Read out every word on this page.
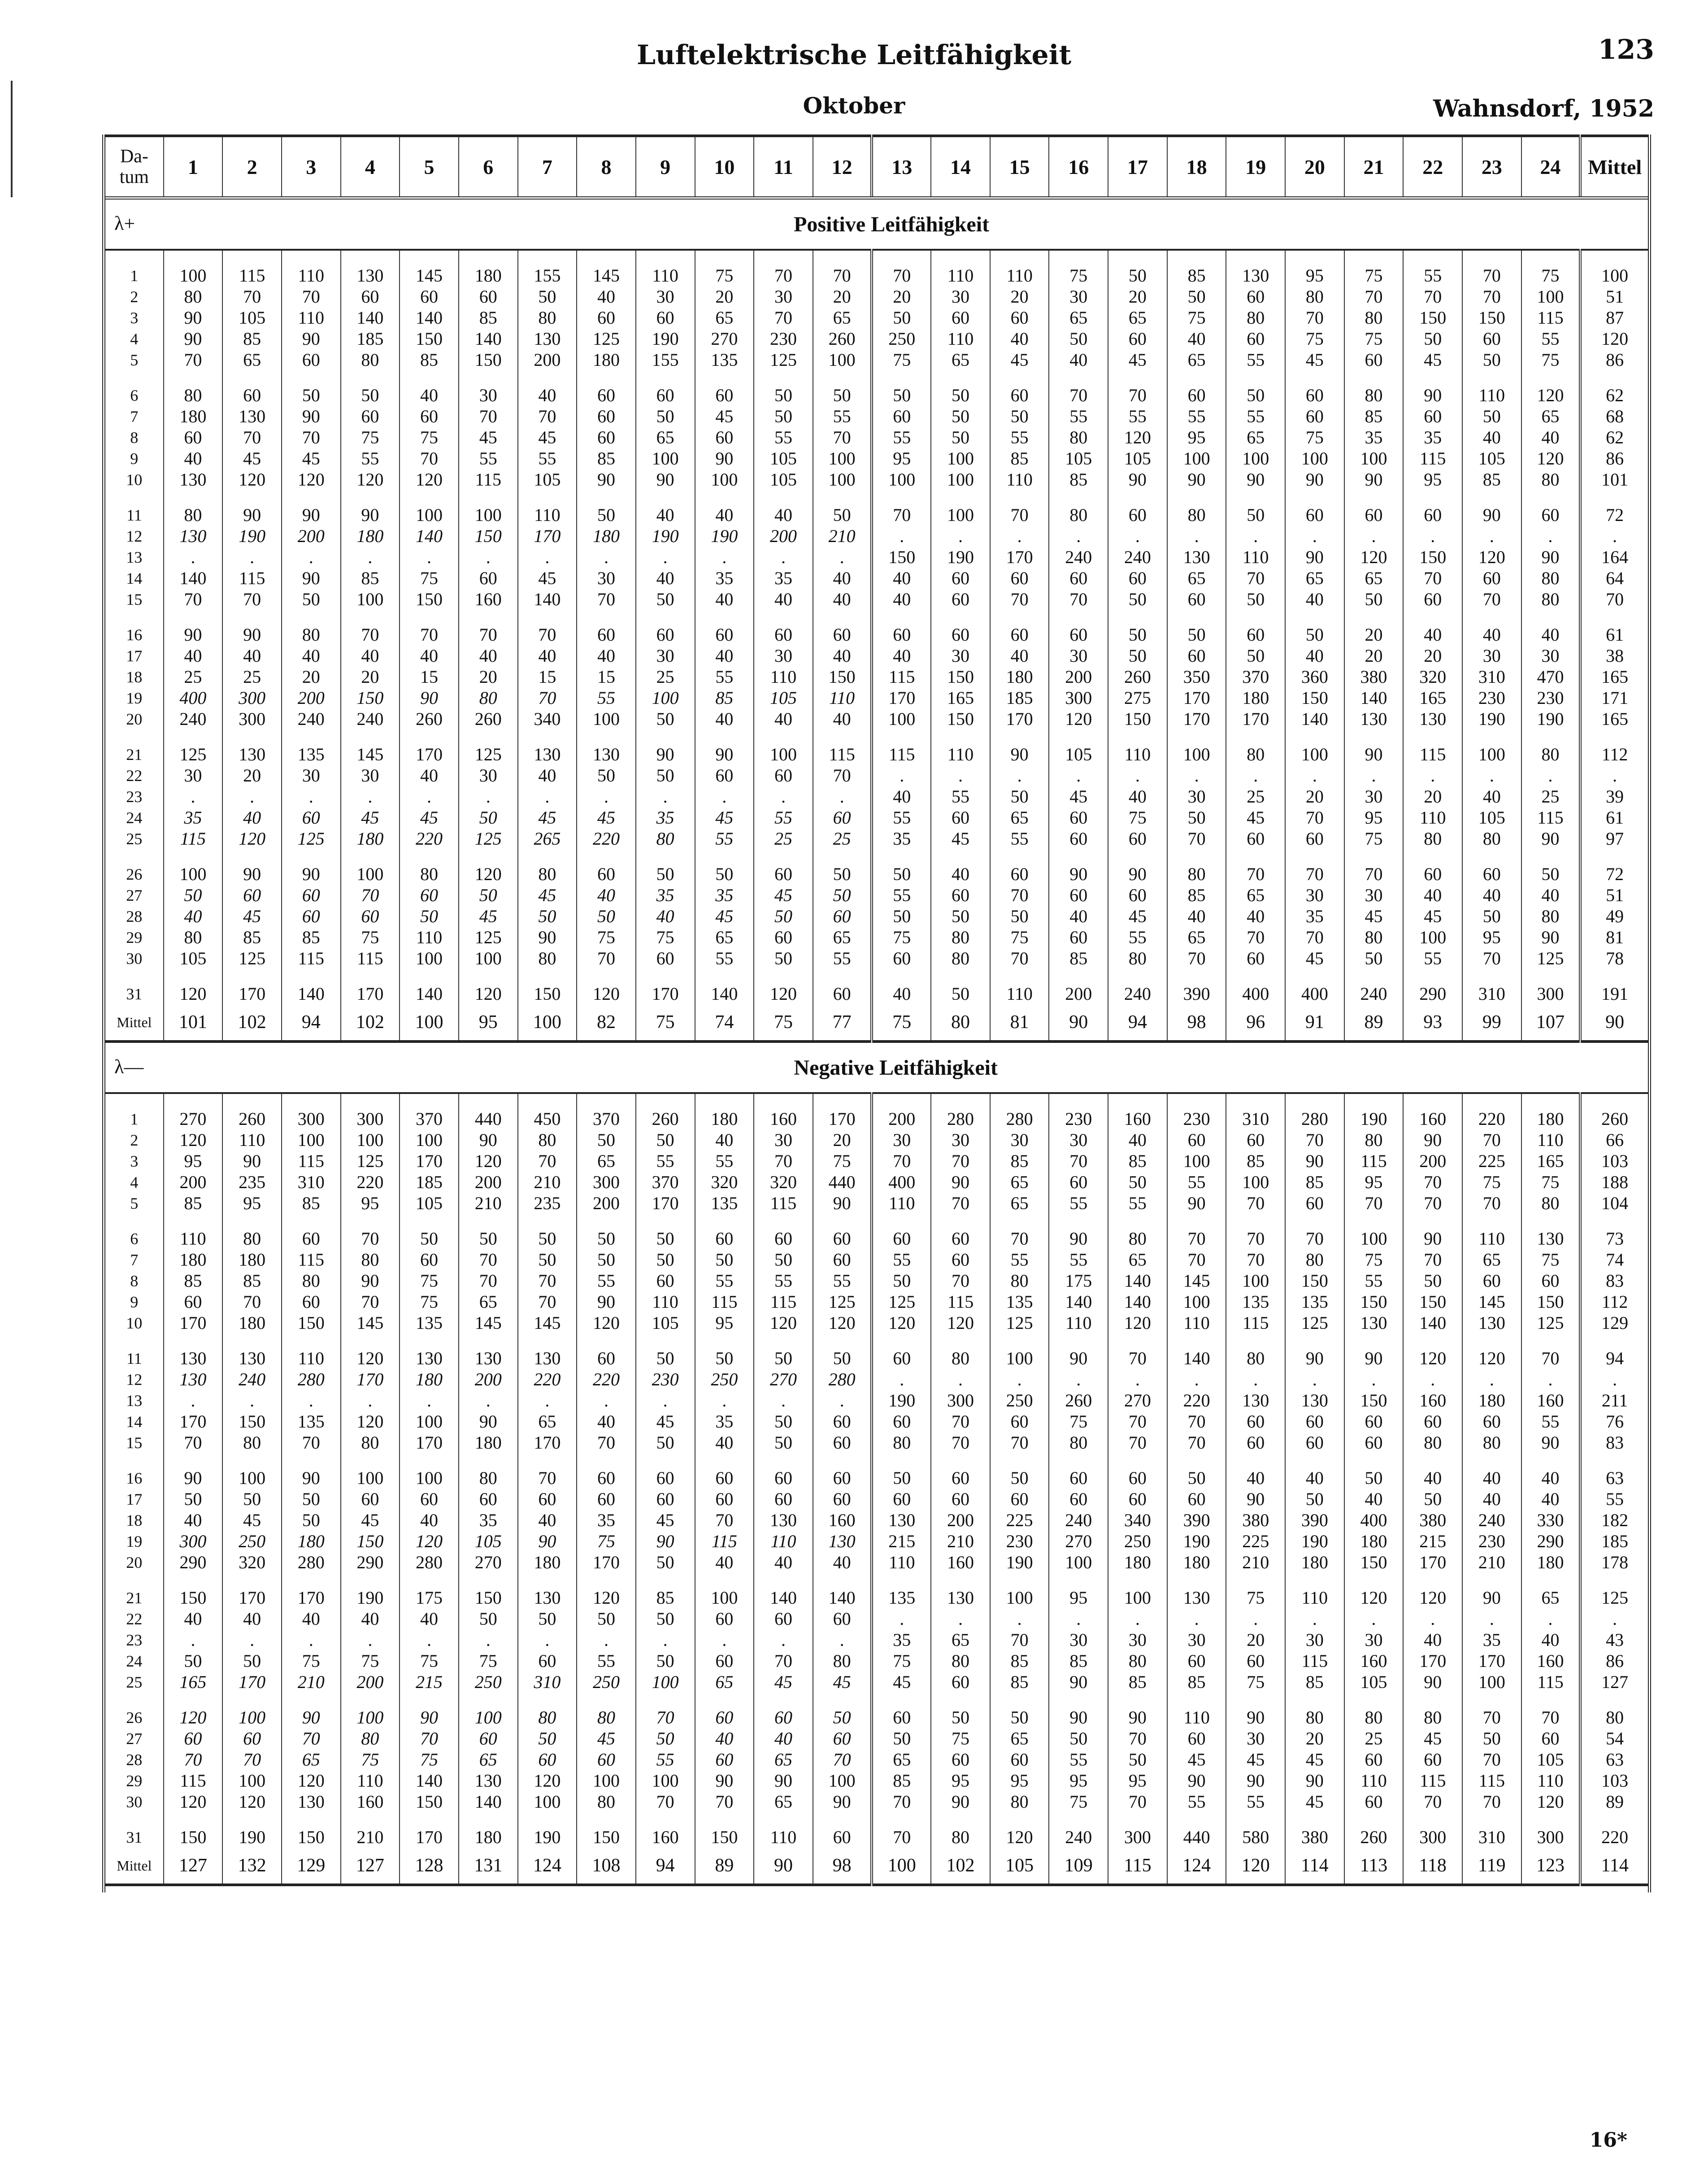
Luftelektrische Leitfähigkeit	123
Oktober	Wahnsdorf, 1952
Da-
tum	1	2	3	4	5	6	7	8	9	10	11	12	13	14	15	16	17	18	19	20	21	22	23	24	Mittel

λ+ Positive Leitfähigkeit																									
1	100	115	110	130	145	180	155	145	110	75	70	70	70	110	110	75	50	85	130	95	75	55	70	75	100
2	80	70	70	60	60	60	50	40	30	20	30	20	20	30	20	30	20	50	60	80	70	70	70	100	51
3	90	105	110	140	140	85	80	60	60	65	70	65	50	60	60	65	65	75	80	70	80	150	150	115	87
4	90	85	90	185	150	140	130	125	190	270	230	260	250	110	40	50	60	40	60	75	75	50	60	55	120
5	70	65	60	80	85	150	200	180	155	135	125	100	75	65	45	40	45	65	55	45	60	45	50	75	86
6	80	60	50	50	40	30	40	60	60	60	50	50	50	50	60	70	70	60	50	60	80	90	110	120	62
7	180	130	90	60	60	70	70	60	50	45	50	55	60	50	50	55	55	55	55	60	85	60	50	65	68
8	60	70	70	75	75	45	45	60	65	60	55	70	55	50	55	80	120	95	65	75	35	35	40	40	62
9	40	45	45	55	70	55	55	85	100	90	105	100	95	100	85	105	105	100	100	100	100	115	105	120	86
10	130	120	120	120	120	115	105	90	90	100	105	100	100	100	110	85	90	90	90	90	90	95	85	80	101
11	80	90	90	90	100	100	110	50	40	40	40	50	70	100	70	80	60	80	50	60	60	60	90	60	72
12	130	190	200	180	140	150	170	180	190	190	200	210	.	.	.	.	.	.	.	.	.	.	.	.	.
13	.	.	.	.	.	.	.	.	.	.	.	.	150	190	170	240	240	130	110	90	120	150	120	90	164
14	140	115	90	85	75	60	45	30	40	35	35	40	40	60	60	60	60	65	70	65	65	70	60	80	64
15	70	70	50	100	150	160	140	70	50	40	40	40	40	60	70	70	50	60	50	40	50	60	70	80	70
16	90	90	80	70	70	70	70	60	60	60	60	60	60	60	60	60	50	50	60	50	20	40	40	40	61
17	40	40	40	40	40	40	40	40	30	40	30	40	40	30	40	30	50	60	50	40	20	20	30	30	38
18	25	25	20	20	15	20	15	15	25	55	110	150	115	150	180	200	260	350	370	360	380	320	310	470	165
19	400	300	200	150	90	80	70	55	100	85	105	110	170	165	185	300	275	170	180	150	140	165	230	230	171
20	240	300	240	240	260	260	340	100	50	40	40	40	100	150	170	120	150	170	170	140	130	130	190	190	165
21	125	130	135	145	170	125	130	130	90	90	100	115	115	110	90	105	110	100	80	100	90	115	100	80	112
22	30	20	30	30	40	30	40	50	50	60	60	70	.	.	.	.	.	.	.	.	.	.	.	.	.
23	.	.	.	.	.	.	.	.	.	.	.	.	40	55	50	45	40	30	25	20	30	20	40	25	39
24	35	40	60	45	45	50	45	45	35	45	55	60	55	60	65	60	75	50	45	70	95	110	105	115	61
25	115	120	125	180	220	125	265	220	80	55	25	25	35	45	55	60	60	70	60	60	75	80	80	90	97
26	100	90	90	100	80	120	80	60	50	50	60	50	50	40	60	90	90	80	70	70	70	60	60	50	72
27	50	60	60	70	60	50	45	40	35	35	45	50	55	60	70	60	60	85	65	30	30	40	40	40	51
28	40	45	60	60	50	45	50	50	40	45	50	60	50	50	50	40	45	40	40	35	45	45	50	80	49
29	80	85	85	75	110	125	90	75	75	65	60	65	75	80	75	60	55	65	70	70	80	100	95	90	81
30	105	125	115	115	100	100	80	70	60	55	50	55	60	80	70	85	80	70	60	45	50	55	70	125	78
31	120	170	140	170	140	120	150	120	170	140	120	60	40	50	110	200	240	390	400	400	240	290	310	300	191
Mittel	101	102	94	102	100	95	100	82	75	74	75	77	75	80	81	90	94	98	96	91	89	93	99	107	90

λ— Negative Leitfähigkeit																									
1	270	260	300	300	370	440	450	370	260	180	160	170	200	280	280	230	160	230	310	280	190	160	220	180	260
2	120	110	100	100	100	90	80	50	50	40	30	20	30	30	30	30	40	60	60	70	80	90	70	110	66
3	95	90	115	125	170	120	70	65	55	55	70	75	70	70	85	70	85	100	85	90	115	200	225	165	103
4	200	235	310	220	185	200	210	300	370	320	320	440	400	90	65	60	50	55	100	85	95	70	75	75	188
5	85	95	85	95	105	210	235	200	170	135	115	90	110	70	65	55	55	90	70	60	70	70	70	80	104
6	110	80	60	70	50	50	50	50	50	60	60	60	60	60	70	90	80	70	70	70	100	90	110	130	73
7	180	180	115	80	60	70	50	50	50	50	50	60	55	60	55	55	65	70	70	80	75	70	65	75	74
8	85	85	80	90	75	70	70	55	60	55	55	55	50	70	80	175	140	145	100	150	55	50	60	60	83
9	60	70	60	70	75	65	70	90	110	115	115	125	125	115	135	140	140	100	135	135	150	150	145	150	112
10	170	180	150	145	135	145	145	120	105	95	120	120	120	120	125	110	120	110	115	125	130	140	130	125	129
11	130	130	110	120	130	130	130	60	50	50	50	50	60	80	100	90	70	140	80	90	90	120	120	70	94
12	130	240	280	170	180	200	220	220	230	250	270	280	.	.	.	.	.	.	.	.	.	.	.	.	.
13	.	.	.	.	.	.	.	.	.	.	.	.	190	300	250	260	270	220	130	130	150	160	180	160	211
14	170	150	135	120	100	90	65	40	45	35	50	60	60	70	60	75	70	70	60	60	60	60	60	55	76
15	70	80	70	80	170	180	170	70	50	40	50	60	80	70	70	80	70	70	60	60	60	80	80	90	83
16	90	100	90	100	100	80	70	60	60	60	60	60	50	60	50	60	60	50	40	40	50	40	40	40	63
17	50	50	50	60	60	60	60	60	60	60	60	60	60	60	60	60	60	60	90	50	40	50	40	40	55
18	40	45	50	45	40	35	40	35	45	70	130	160	130	200	225	240	340	390	380	390	400	380	240	330	182
19	300	250	180	150	120	105	90	75	90	115	110	130	215	210	230	270	250	190	225	190	180	215	230	290	185
20	290	320	280	290	280	270	180	170	50	40	40	40	110	160	190	100	180	180	210	180	150	170	210	180	178
21	150	170	170	190	175	150	130	120	85	100	140	140	135	130	100	95	100	130	75	110	120	120	90	65	125
22	40	40	40	40	40	50	50	50	50	60	60	60	.	.	.	.	.	.	.	.	.	.	.	.	.
23	.	.	.	.	.	.	.	.	.	.	.	.	35	65	70	30	30	30	20	30	30	40	35	40	43
24	50	50	75	75	75	75	60	55	50	60	70	80	75	80	85	85	80	60	60	115	160	170	170	160	86
25	165	170	210	200	215	250	310	250	100	65	45	45	45	60	85	90	85	85	75	85	105	90	100	115	127
26	120	100	90	100	90	100	80	80	70	60	60	50	60	50	50	90	90	110	90	80	80	80	70	70	80
27	60	60	70	80	70	60	50	45	50	40	40	60	50	75	65	50	70	60	30	20	25	45	50	60	54
28	70	70	65	75	75	65	60	60	55	60	65	70	65	60	60	55	50	45	45	45	60	60	70	105	63
29	115	100	120	110	140	130	120	100	100	90	90	100	85	95	95	95	95	90	90	90	110	115	115	110	103
30	120	120	130	160	150	140	100	80	70	70	65	90	70	90	80	75	70	55	55	45	60	70	70	120	89
31	150	190	150	210	170	180	190	150	160	150	110	60	70	80	120	240	300	440	580	380	260	300	310	300	220
Mittel	127	132	129	127	128	131	124	108	94	89	90	98	100	102	105	109	115	124	120	114	113	118	119	123	114

16*
